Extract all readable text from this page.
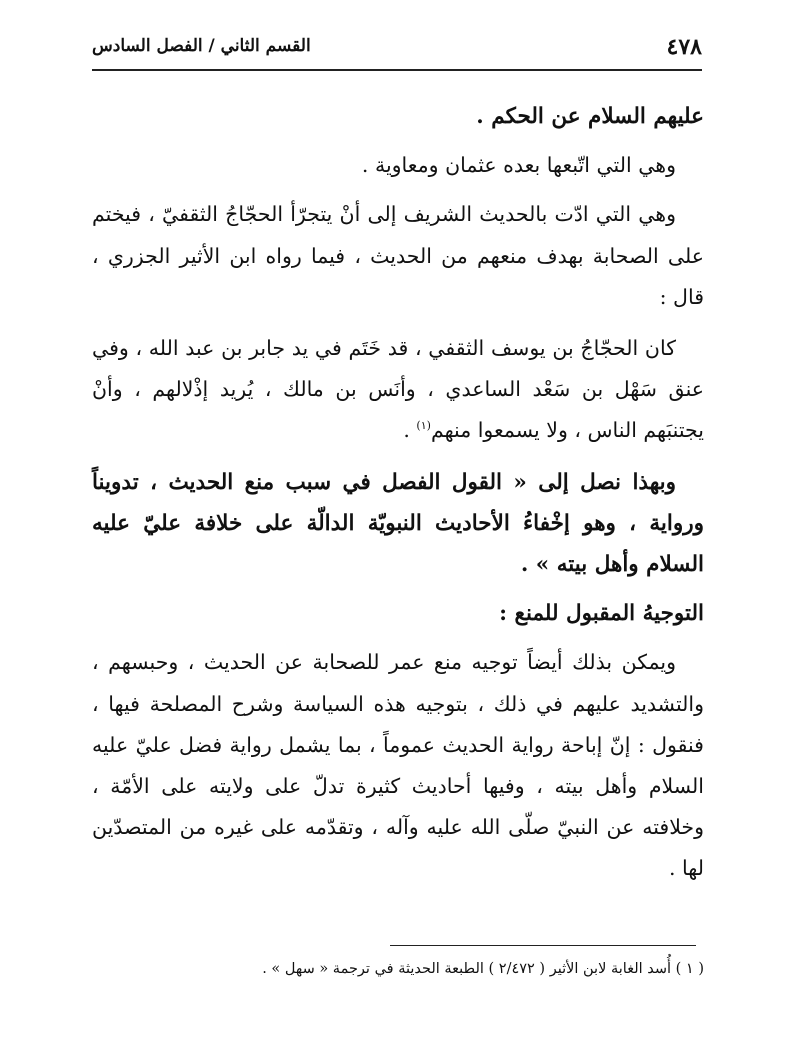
٤٧٨
القسم الثاني / الفصل السادس

عليهم السلام عن الحكم .

وهي التي اتّبعها بعده عثمان ومعاوية .

وهي التي ادّت بالحديث الشريف إلى أنْ يتجرّأ الحجّاجُ الثقفيّ ، فيختم على الصحابة بهدف منعهم من الحديث ، فيما رواه ابن الأثير الجزري ، قال :

كان الحجّاجُ بن يوسف الثقفي ، قد خَتَم في يد جابر بن عبد الله ، وفي عنق سَهْل بن سَعْد الساعدي ، وأنَس بن مالك ، يُريد إذْلالهم ، وأنْ يجتنبَهم الناس ، ولا يسمعوا منهم$^{(١)}$ .

وبهذا نصل إلى « القول الفصل في سبب منع الحديث ، تدويناً ورواية ، وهو إخْفاءُ الأحاديث النبويّة الدالّة على خلافة عليّ عليه السلام وأهل بيته » .

التوجيهُ المقبول للمنع :

ويمكن بذلك أيضاً توجيه منع عمر للصحابة عن الحديث ، وحبسهم ، والتشديد عليهم في ذلك ، بتوجيه هذه السياسة وشرح المصلحة فيها ، فنقول : إنّ إباحة رواية الحديث عموماً ، بما يشمل رواية فضل عليّ عليه السلام وأهل بيته ، وفيها أحاديث كثيرة تدلّ على ولايته على الأمّة ، وخلافته عن النبيّ صلّى الله عليه وآله ، وتقدّمه على غيره من المتصدّين لها .

( ١ ) أُسد الغابة لابن الأثير ( ٢/٤٧٢ ) الطبعة الحديثة في ترجمة « سهل » .
